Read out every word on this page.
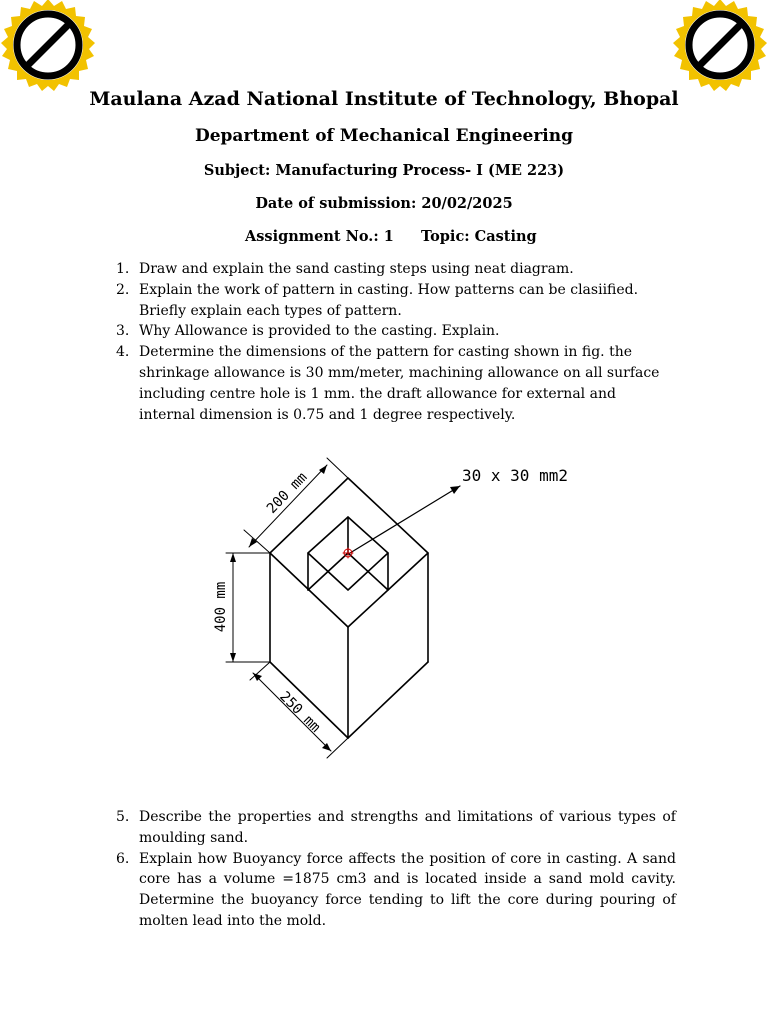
Maulana Azad National Institute of Technology, Bhopal
Department of Mechanical Engineering
Subject: Manufacturing Process- I (ME 223)
Date of submission: 20/02/2025
Assignment No.: 1 Topic: Casting
1. Draw and explain the sand casting steps using neat diagram.
2. Explain the work of pattern in casting. How patterns can be clasiified. Briefly explain each types of pattern.
3. Why Allowance is provided to the casting. Explain.
4. Determine the dimensions of the pattern for casting shown in fig. the shrinkage allowance is 30 mm/meter, machining allowance on all surface including centre hole is 1 mm. the draft allowance for external and internal dimension is 0.75 and 1 degree respectively.
200 mm
400 mm
250 mm
30 x 30 mm2
5. Describe the properties and strengths and limitations of various types of moulding sand.
6. Explain how Buoyancy force affects the position of core in casting. A sand core has a volume =1875 cm3 and is located inside a sand mold cavity. Determine the buoyancy force tending to lift the core during pouring of molten lead into the mold.
